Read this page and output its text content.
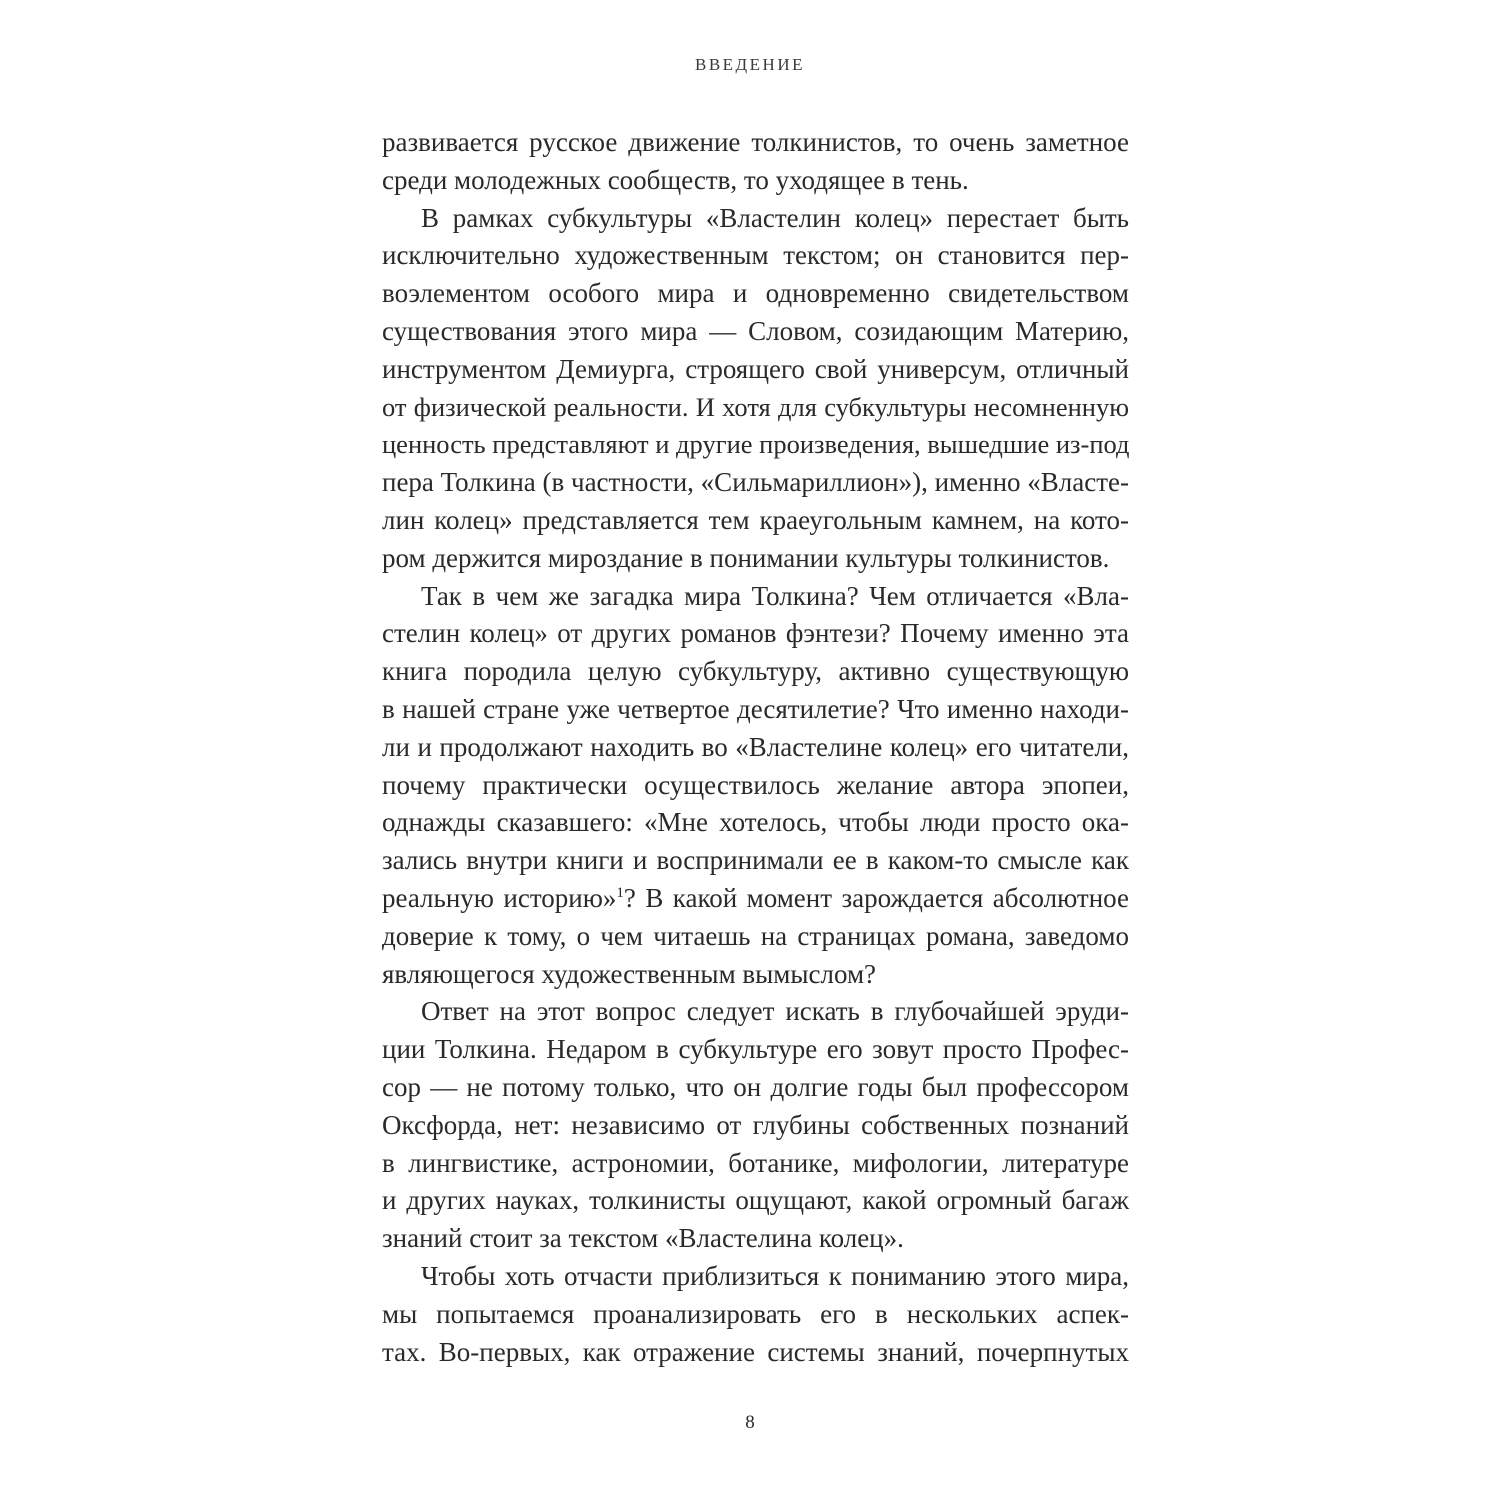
ВВЕДЕНИЕ
развивается русское движение толкинистов, то очень заметное
среди молодежных сообществ, то уходящее в тень.
В рамках субкультуры «Властелин колец» перестает быть
исключительно художественным текстом; он становится пер-
воэлементом особого мира и одновременно свидетельством
существования этого мира — Словом, созидающим Материю,
инструментом Демиурга, строящего свой универсум, отличный
от физической реальности. И хотя для субкультуры несомненную
ценность представляют и другие произведения, вышедшие из-под
пера Толкина (в частности, «Сильмариллион»), именно «Власте-
лин колец» представляется тем краеугольным камнем, на кото-
ром держится мироздание в понимании культуры толкинистов.
Так в чем же загадка мира Толкина? Чем отличается «Вла-
стелин колец» от других романов фэнтези? Почему именно эта
книга породила целую субкультуру, активно существующую
в нашей стране уже четвертое десятилетие? Что именно находи-
ли и продолжают находить во «Властелине колец» его читатели,
почему практически осуществилось желание автора эпопеи,
однажды сказавшего: «Мне хотелось, чтобы люди просто ока-
зались внутри книги и воспринимали ее в каком-то смысле как
реальную историю»$^1$? В какой момент зарождается абсолютное
доверие к тому, о чем читаешь на страницах романа, заведомо
являющегося художественным вымыслом?
Ответ на этот вопрос следует искать в глубочайшей эруди-
ции Толкина. Недаром в субкультуре его зовут просто Профес-
сор — не потому только, что он долгие годы был профессором
Оксфорда, нет: независимо от глубины собственных познаний
в лингвистике, астрономии, ботанике, мифологии, литературе
и других науках, толкинисты ощущают, какой огромный багаж
знаний стоит за текстом «Властелина колец».
Чтобы хоть отчасти приблизиться к пониманию этого мира,
мы попытаемся проанализировать его в нескольких аспек-
тах. Во-первых, как отражение системы знаний, почерпнутых
8
